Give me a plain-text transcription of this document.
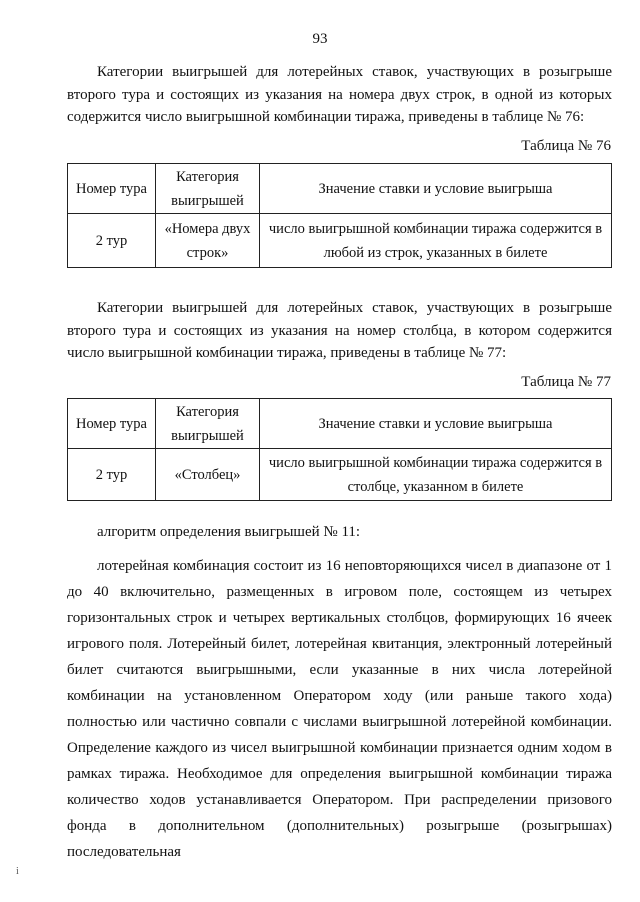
93

Категории выигрышей для лотерейных ставок, участвующих в розыгрыше второго тура и состоящих из указания на номера двух строк, в одной из которых содержится число выигрышной комбинации тиража, приведены в таблице № 76:

Таблица № 76
Номер тура	Категория выигрышей	Значение ставки и условие выигрыша
2 тур	«Номера двух строк»	число выигрышной комбинации тиража содержится в любой из строк, указанных в билете

Категории выигрышей для лотерейных ставок, участвующих в розыгрыше второго тура и состоящих из указания на номер столбца, в котором содержится число выигрышной комбинации тиража, приведены в таблице № 77:

Таблица № 77
Номер тура	Категория выигрышей	Значение ставки и условие выигрыша
2 тур	«Столбец»	число выигрышной комбинации тиража содержится в столбце, указанном в билете

алгоритм определения выигрышей № 11:

лотерейная комбинация состоит из 16 неповторяющихся чисел в диапазоне от 1 до 40 включительно, размещенных в игровом поле, состоящем из четырех горизонтальных строк и четырех вертикальных столбцов, формирующих 16 ячеек игрового поля. Лотерейный билет, лотерейная квитанция, электронный лотерейный билет считаются выигрышными, если указанные в них числа лотерейной комбинации на установленном Оператором ходу (или раньше такого хода) полностью или частично совпали с числами выигрышной лотерейной комбинации. Определение каждого из чисел выигрышной комбинации признается одним ходом в рамках тиража. Необходимое для определения выигрышной комбинации тиража количество ходов устанавливается Оператором. При распределении призового фонда в дополнительном (дополнительных) розыгрыше (розыгрышах) последовательная

i
